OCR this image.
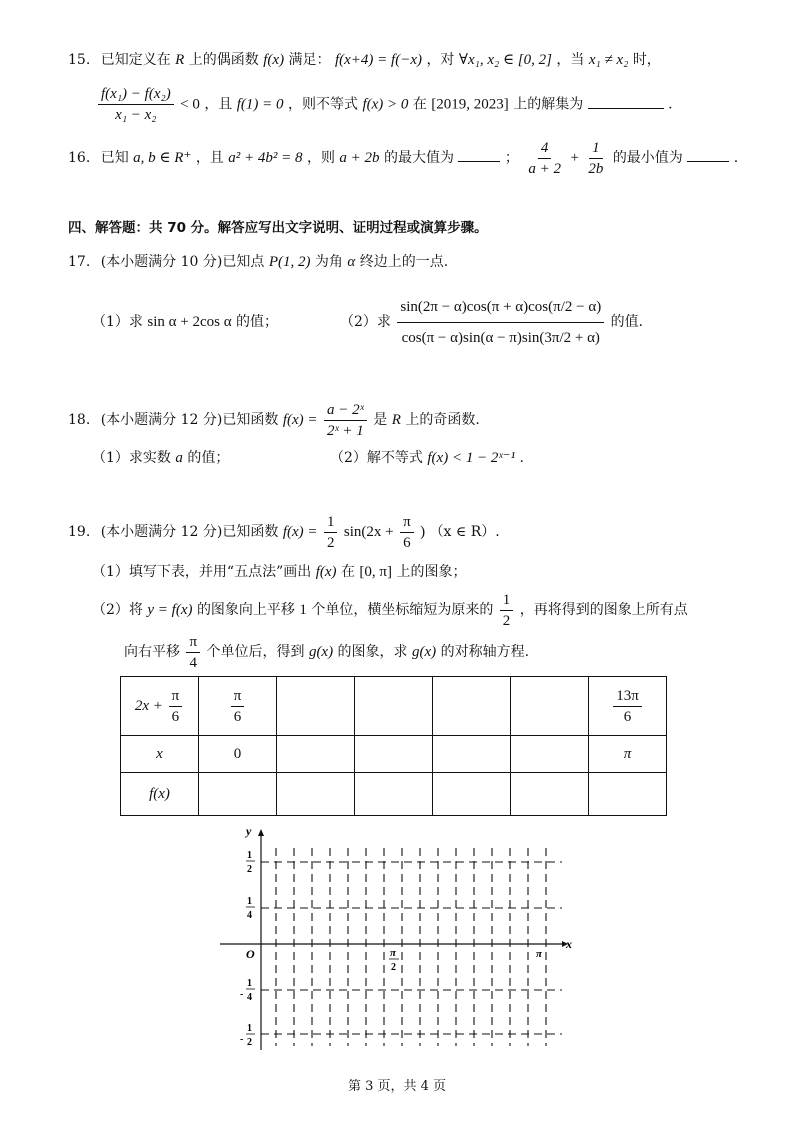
15. 已知定义在 R 上的偶函数 f(x) 满足： f(x+4) = f(−x) ，对 ∀x₁, x₂ ∈ [0, 2] ，当 x₁ ≠ x₂ 时，
$\frac{\text{f(x₁) − f(x₂)}}{\text{x₁ − x₂}} < 0$ ，且 f(1) = 0 ，则不等式 f(x) > 0 在 [2019, 2023] 上的解集为	.
16. 已知 a, b ∈ R⁺ ，且 a² + 4b² = 8 ，则 a + 2b 的最大值为	； $\frac{4}{a + 2} + \frac{1}{2b}$ 的最小值为	.
四、解答题：共 70 分。解答应写出文字说明、证明过程或演算步骤。
17. (本小题满分 10 分)已知点 P(1, 2) 为角 α 终边上的一点.
（1）求 sin α + 2cos α 的值；	（2）求 $\frac{\sin(2\pi - \alpha)\cos(\pi + \alpha)\cos(\pi/2 - \alpha)}{\cos(\pi - \alpha)\sin(\alpha - \pi)\sin(3\pi/2 + \alpha)}$ 的值.
18. (本小题满分 12 分)已知函数 $f(x) = \frac{\text{a − 2ˣ}}{\text{2ˣ + 1}}$ 是 R 上的奇函数.
（1）求实数 a 的值；	（2）解不等式 f(x) < 1 − 2ˣ⁻¹ .
19. (本小题满分 12 分)已知函数 $f(x) = \frac{1}{2} \sin(2x + \frac{\pi}{6}$ ) （x ∈ R）.
（1）填写下表，并用“五点法”画出 f(x) 在 [0, π] 上的图象；
（2）将 y = f(x) 的图象向上平移 1 个单位，横坐标缩短为原来的 $\frac{1}{2}$ ，再将得到的图象上所有点
向右平移 $\frac{\pi}{4}$ 个单位后，得到 g(x) 的图象，求 g(x) 的对称轴方程.
$2x + \frac{\pi}{6}$	$\frac{\pi}{6}$					$\frac{13\pi}{6}$

x	0					π
f(x)						
x
y
O
1
2
1
4
-
1
4
-
1
2
π
2
π
第 3 页，共 4 页
